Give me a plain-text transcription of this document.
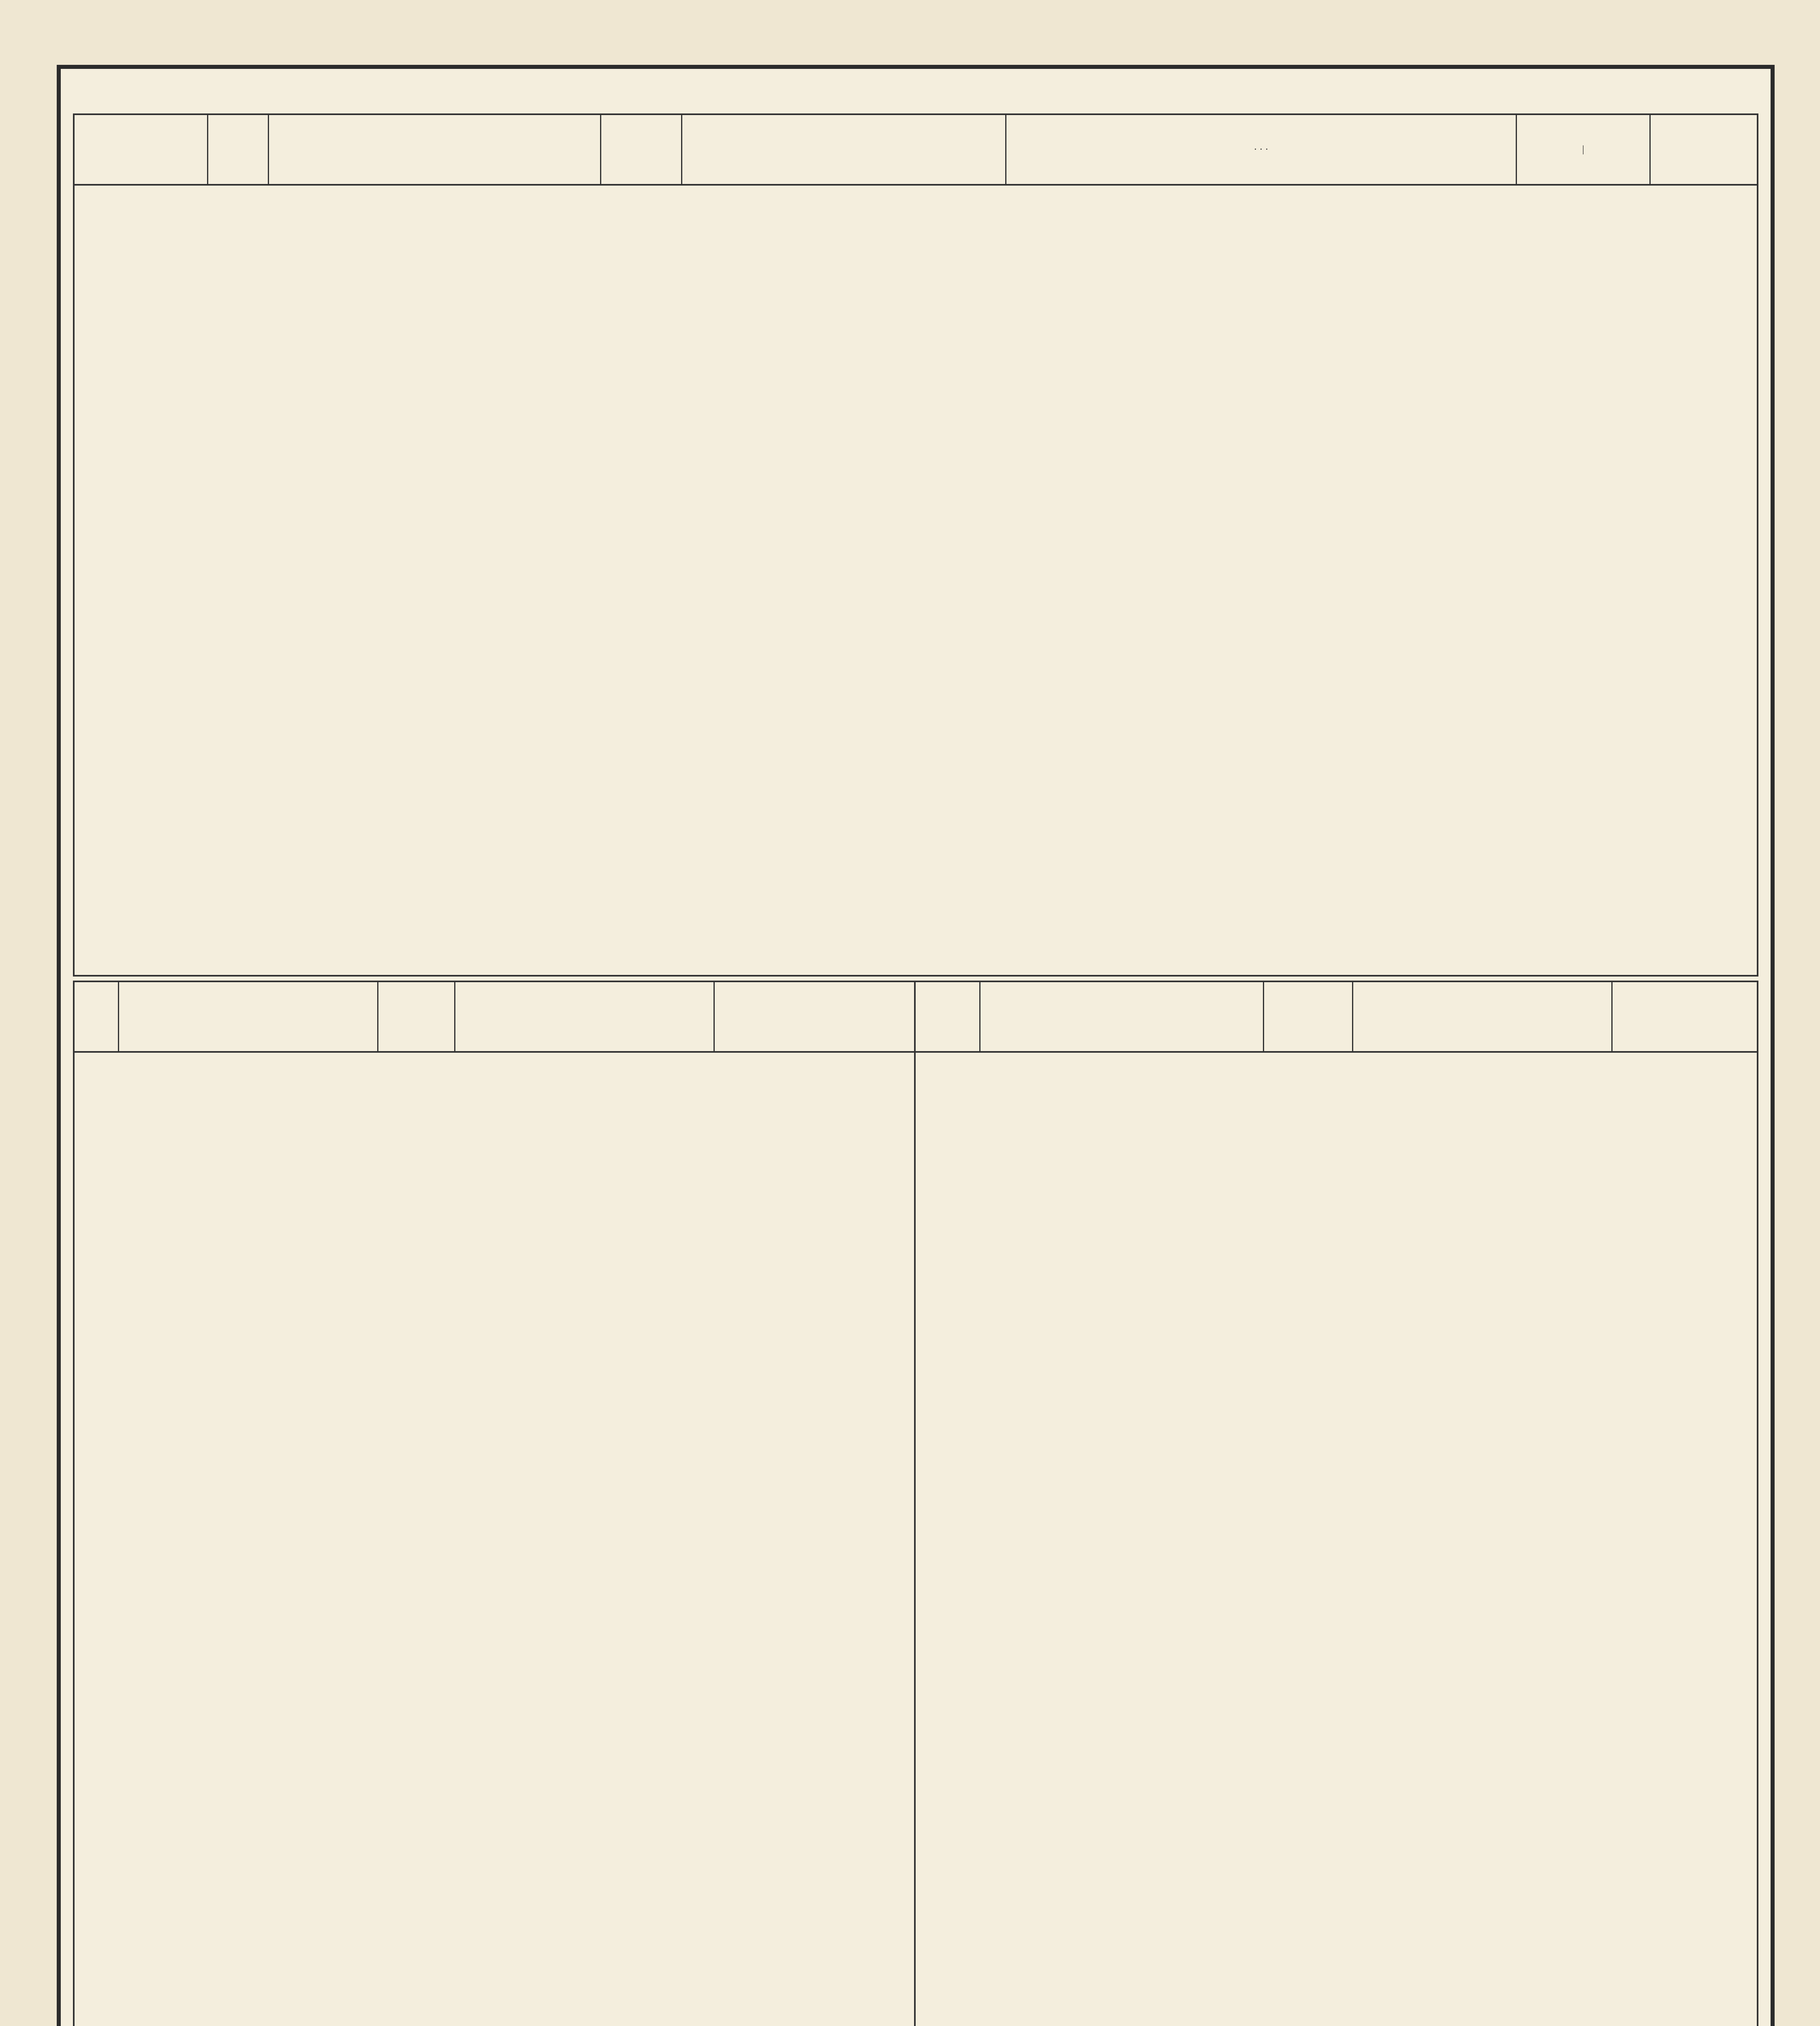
· · ·	|
